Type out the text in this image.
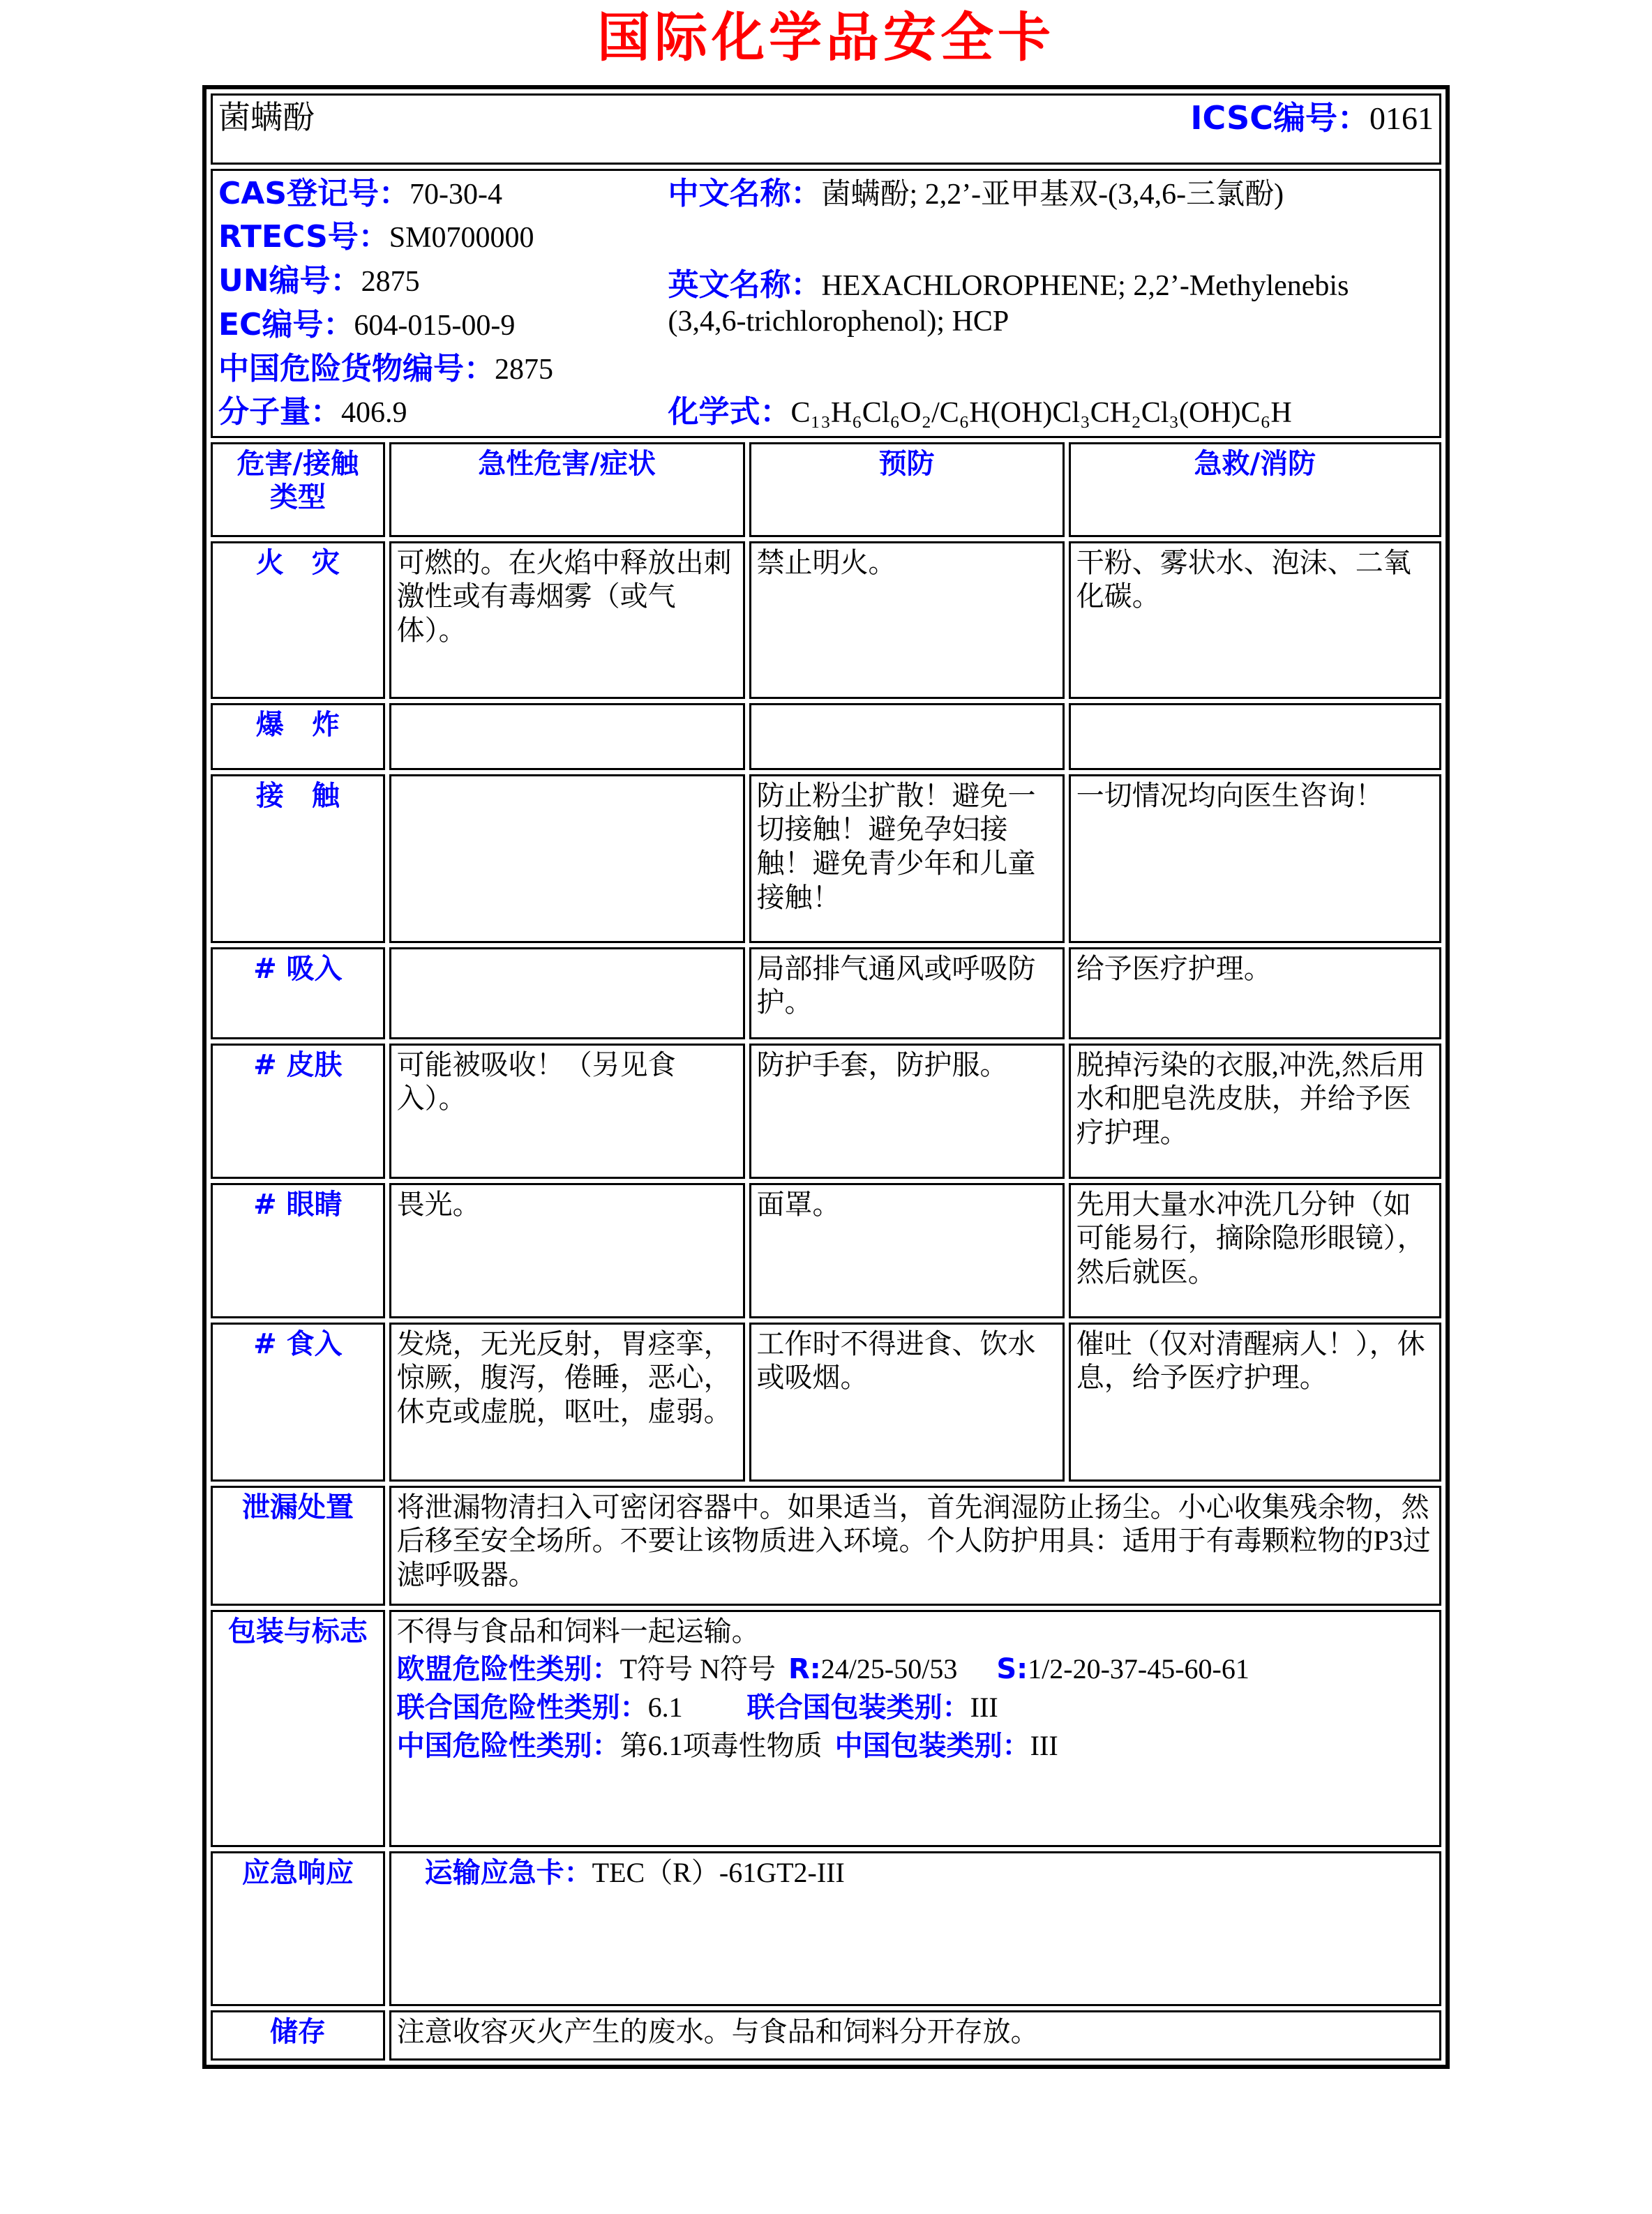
国际化学品安全卡
菌螨酚 ICSC编号：0161			

CAS登记号：70-30-4
RTECS号：SM0700000
UN编号：2875
EC编号：604-015-00-9
中国危险货物编号：2875
分子量：406.9
中文名称：菌螨酚; 2,2’-亚甲基双-(3,4,6-三氯酚)
英文名称：HEXACHLOROPHENE; 2,2’-Methylenebis (3,4,6-trichlorophenol); HCP
化学式：C₁₃H₆Cl₆O₂/C₆H(OH)Cl₃CH₂Cl₃(OH)C₆H

危害/接触
类型	急性危害/症状	预防	急救/消防
火　灾	可燃的。在火焰中释放出刺激性或有毒烟雾（或气体）。	禁止明火。	干粉、雾状水、泡沫、二氧化碳。
爆　炸			
接　触		防止粉尘扩散！避免一切接触！避免孕妇接触！避免青少年和儿童接触！	一切情况均向医生咨询！
# 吸入		局部排气通风或呼吸防护。	给予医疗护理。
# 皮肤	可能被吸收！（另见食入）。	防护手套，防护服。	脱掉污染的衣服,冲洗,然后用水和肥皂洗皮肤，并给予医疗护理。
# 眼睛	畏光。	面罩。	先用大量水冲洗几分钟（如可能易行，摘除隐形眼镜），然后就医。
# 食入	发烧，无光反射，胃痉挛，惊厥，腹泻，倦睡，恶心，休克或虚脱，呕吐，虚弱。	工作时不得进食、饮水或吸烟。	催吐（仅对清醒病人！），休息，给予医疗护理。
泄漏处置	将泄漏物清扫入可密闭容器中。如果适当，首先润湿防止扬尘。小心收集残余物，然后移至安全场所。不要让该物质进入环境。个人防护用具：适用于有毒颗粒物的P3过滤呼吸器。		
包装与标志	不得与食品和饲料一起运输。
欧盟危险性类别：T符号 N符号 R:24/25-50/53 S:1/2-20-37-45-60-61
联合国危险性类别：6.1 联合国包装类别：III
中国危险性类别：第6.1项毒性物质 中国包装类别：III		

应急响应	运输应急卡：TEC（R）-61GT2-III		
储存	注意收容灭火产生的废水。与食品和饲料分开存放。		
